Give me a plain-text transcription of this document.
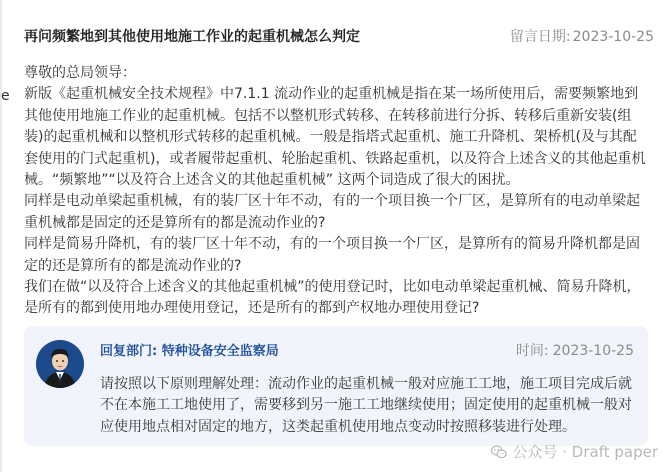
e
再问频繁地到其他使用地施工作业的起重机械怎么判定	留言日期: 2023-10-25

尊敬的总局领导：

新版《起重机械安全技术规程》中7.1.1 流动作业的起重机械是指在某一场所使用后，需要频繁地到其他使用地施工作业的起重机械。包括不以整机形式转移、在转移前进行分拆、转移后重新安装(组装)的起重机械和以整机形式转移的起重机械。一般是指塔式起重机、施工升降机、架桥机(及与其配套使用的门式起重机)，或者履带起重机、轮胎起重机、铁路起重机，以及符合上述含义的其他起重机械。“频繁地”“以及符合上述含义的其他起重机械” 这两个词造成了很大的困扰。

同样是电动单梁起重机械，有的装厂区十年不动，有的一个项目换一个厂区，是算所有的电动单梁起重机械都是固定的还是算所有的都是流动作业的?

同样是简易升降机，有的装厂区十年不动，有的一个项目换一个厂区，是算所有的简易升降机都是固定的还是算所有的都是流动作业的?

我们在做“以及符合上述含义的其他起重机械”的使用登记时，比如电动单梁起重机械、简易升降机，是所有的都到使用地办理使用登记，还是所有的都到产权地办理使用登记?

回复部门: 特种设备安全监察局	时间: 2023-10-25
请按照以下原则理解处理：流动作业的起重机械一般对应施工工地，施工项目完成后就不在本施工工地使用了，需要移到另一施工工地继续使用；固定使用的起重机械一般对应使用地点相对固定的地方，这类起重机使用地点变动时按照移装进行处理。
公众号 · Draft paper
